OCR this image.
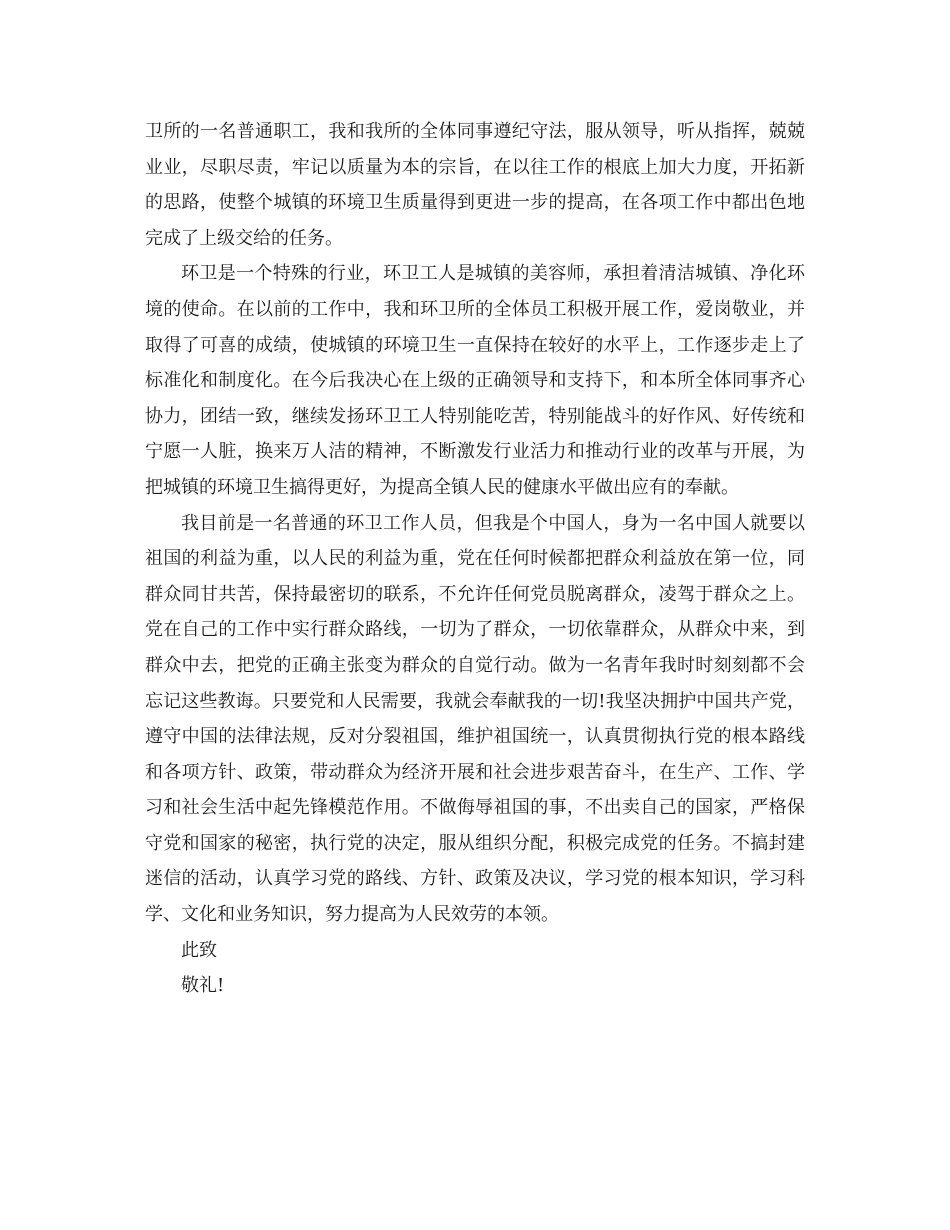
卫所的一名普通职工，我和我所的全体同事遵纪守法，服从领导，听从指挥，兢兢业业，尽职尽责，牢记以质量为本的宗旨，在以往工作的根底上加大力度，开拓新的思路，使整个城镇的环境卫生质量得到更进一步的提高，在各项工作中都出色地完成了上级交给的任务。

环卫是一个特殊的行业，环卫工人是城镇的美容师，承担着清洁城镇、净化环境的使命。在以前的工作中，我和环卫所的全体员工积极开展工作，爱岗敬业，并取得了可喜的成绩，使城镇的环境卫生一直保持在较好的水平上，工作逐步走上了标准化和制度化。在今后我决心在上级的正确领导和支持下，和本所全体同事齐心协力，团结一致，继续发扬环卫工人特别能吃苦，特别能战斗的好作风、好传统和宁愿一人脏，换来万人洁的精神，不断激发行业活力和推动行业的改革与开展，为把城镇的环境卫生搞得更好，为提高全镇人民的健康水平做出应有的奉献。

我目前是一名普通的环卫工作人员，但我是个中国人，身为一名中国人就要以祖国的利益为重，以人民的利益为重，党在任何时候都把群众利益放在第一位，同群众同甘共苦，保持最密切的联系，不允许任何党员脱离群众，凌驾于群众之上。党在自己的工作中实行群众路线，一切为了群众，一切依靠群众，从群众中来，到群众中去，把党的正确主张变为群众的自觉行动。做为一名青年我时时刻刻都不会忘记这些教诲。只要党和人民需要，我就会奉献我的一切!我坚决拥护中国共产党，遵守中国的法律法规，反对分裂祖国，维护祖国统一，认真贯彻执行党的根本路线和各项方针、政策，带动群众为经济开展和社会进步艰苦奋斗，在生产、工作、学习和社会生活中起先锋模范作用。不做侮辱祖国的事，不出卖自己的国家，严格保守党和国家的秘密，执行党的决定，服从组织分配，积极完成党的任务。不搞封建迷信的活动，认真学习党的路线、方针、政策及决议，学习党的根本知识，学习科学、文化和业务知识，努力提高为人民效劳的本领。

此致

敬礼!
